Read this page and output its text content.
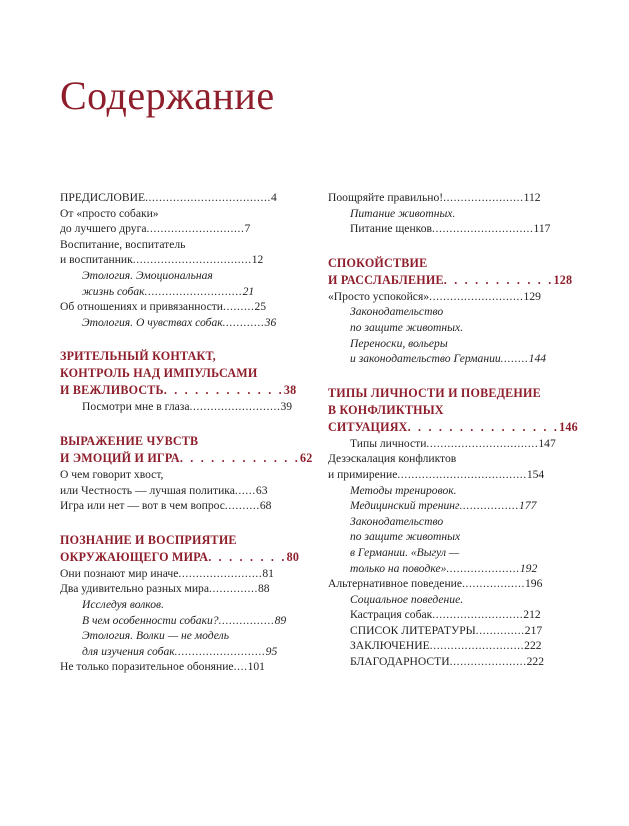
Содержание
ПРЕДИСЛОВИЕ....................................4
От «просто собаки»
до лучшего друга............................7
Воспитание, воспитатель
и воспитанник..................................12
Этология. Эмоциональная
жизнь собак............................21
Об отношениях и привязанности.........25
Этология. О чувствах собак............36
ЗРИТЕЛЬНЫЙ КОНТАКТ,
КОНТРОЛЬ НАД ИМПУЛЬСАМИ
И ВЕЖЛИВОСТЬ. . . . . . . . . . . .38
Посмотри мне в глаза..........................39
ВЫРАЖЕНИЕ ЧУВСТВ
И ЭМОЦИЙ И ИГРА. . . . . . . . . . . .62
О чем говорит хвост,
или Честность — лучшая политика......63
Игра или нет — вот в чем вопрос..........68
ПОЗНАНИЕ И ВОСПРИЯТИЕ
ОКРУЖАЮЩЕГО МИРА. . . . . . . .80
Они познают мир иначе........................81
Два удивительно разных мира..............88
Исследуя волков.
В чем особенности собаки?................89
Этология. Волки — не модель
для изучения собак..........................95
Не только поразительное обоняние....101
Поощряйте правильно!.......................112
Питание животных.
Питание щенков.............................117
СПОКОЙСТВИЕ
И РАССЛАБЛЕНИЕ. . . . . . . . . . .128
«Просто успокойся»...........................129
Законодательство
по защите животных.
Переноски, вольеры
и законодательство Германии........144
ТИПЫ ЛИЧНОСТИ И ПОВЕДЕНИЕ
В КОНФЛИКТНЫХ
СИТУАЦИЯХ. . . . . . . . . . . . . . .146
Типы личности................................147
Дезэскалация конфликтов
и примирение.....................................154
Методы тренировок.
Медицинский тренинг.................177
Законодательство
по защите животных
в Германии. «Выгул —
только на поводке».....................192
Альтернативное поведение..................196
Социальное поведение.
Кастрация собак..........................212
СПИСОК ЛИТЕРАТУРЫ..............217
ЗАКЛЮЧЕНИЕ...........................222
БЛАГОДАРНОСТИ......................222
